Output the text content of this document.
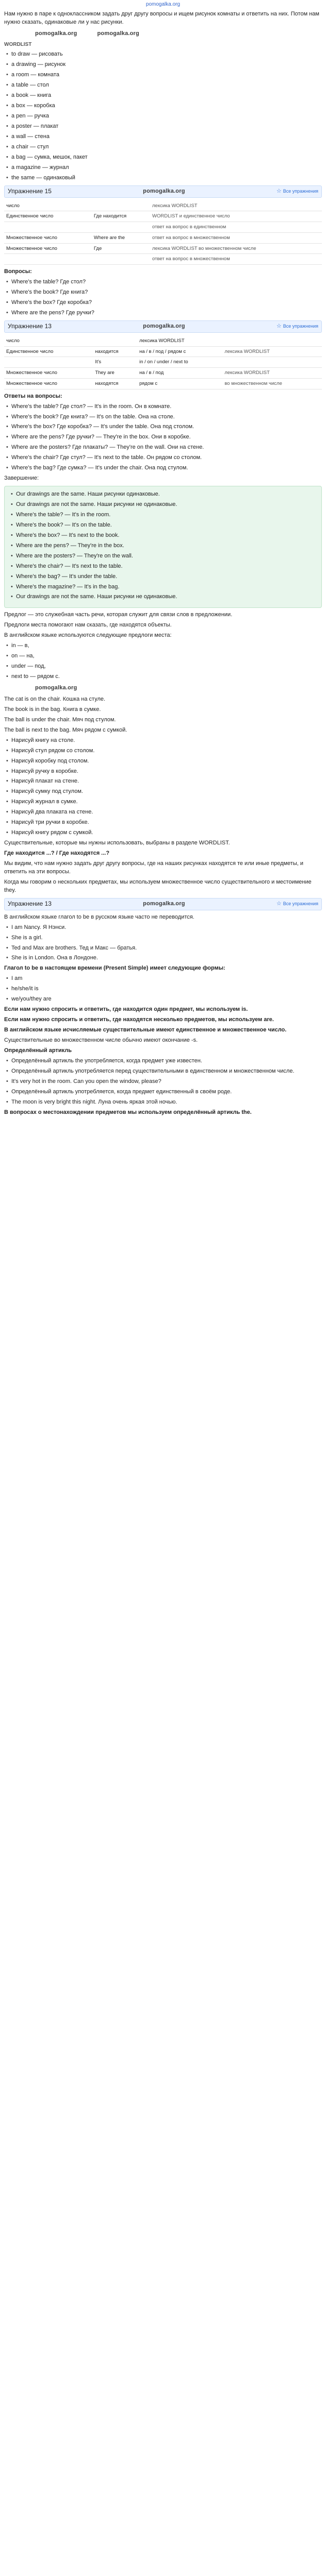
pomogalka.org

Нам нужно в паре к одноклассником задать друг другу вопросы и ищем рисунок комнаты и ответить на них. Потом нам нужно сказать, одинаковые ли у нас рисунки.

pomogalka.org	pomogalka.org

WORDLIST

• to draw — рисовать
• a drawing — рисунок
• a room — комната
• a table — стол
• a book — книга
• a box — коробка
• a pen — ручка
• a poster — плакат
• a wall — стена
• a chair — стул
• a bag — сумка, мешок, пакет
• a magazine — журнал
• the same — одинаковый
Упражнение 15	pomogalka.org	☆ Все упражнения
число		лексика WORDLIST
Единственное число	Где находится	WORDLIST и единственное число
		ответ на вопрос в единственном
Множественное число	Where are the	ответ на вопрос в множественном
Множественное число	Где	лексика WORDLIST во множественном числе
		ответ на вопрос в множественном

Вопросы:

• Where's the table? Где стол?
• Where's the book? Где книга?
• Where's the box? Где коробка?
• Where are the pens? Где ручки?
Упражнение 13	pomogalka.org	☆ Все упражнения
число		лексика WORDLIST	
Единственное число	находится	на / в / под / рядом с	лексика WORDLIST
	It's	in / on / under / next to	
Множественное число	They are	на / в / под	лексика WORDLIST
Множественное число	находятся	рядом с	во множественном числе

Ответы на вопросы:

• Where's the table? Где стол? — It's in the room. Он в комнате.
• Where's the book? Где книга? — It's on the table. Она на столе.
• Where's the box? Где коробка? — It's under the table. Она под столом.
• Where are the pens? Где ручки? — They're in the box. Они в коробке.
• Where are the posters? Где плакаты? — They're on the wall. Они на стене.
• Where's the chair? Где стул? — It's next to the table. Он рядом со столом.
• Where's the bag? Где сумка? — It's under the chair. Она под стулом.

Завершение:

• Our drawings are the same. Наши рисунки одинаковые.
• Our drawings are not the same. Наши рисунки не одинаковые.
• Where's the table? — It's in the room.
• Where's the book? — It's on the table.
• Where's the box? — It's next to the book.
• Where are the pens? — They're in the box.
• Where are the posters? — They're on the wall.
• Where's the chair? — It's next to the table.
• Where's the bag? — It's under the table.
• Where's the magazine? — It's in the bag.
• Our drawings are not the same. Наши рисунки не одинаковые.

Предлог — это служебная часть речи, которая служит для связи слов в предложении.

Предлоги места помогают нам сказать, где находятся объекты.

В английском языке используются следующие предлоги места:

• in — в,
• on — на,
• under — под,
• next to — рядом с.
pomogalka.org

The cat is on the chair. Кошка на стуле.

The book is in the bag. Книга в сумке.

The ball is under the chair. Мяч под стулом.

The ball is next to the bag. Мяч рядом с сумкой.

• Нарисуй книгу на столе.
• Нарисуй стул рядом со столом.
• Нарисуй коробку под столом.
• Нарисуй ручку в коробке.
• Нарисуй плакат на стене.
• Нарисуй сумку под стулом.
• Нарисуй журнал в сумке.
• Нарисуй два плаката на стене.
• Нарисуй три ручки в коробке.
• Нарисуй книгу рядом с сумкой.

Существительные, которые мы нужны использовать, выбраны в разделе WORDLIST.

Где находится ...? / Где находятся ...?

Мы видим, что нам нужно задать друг другу вопросы, где на наших рисунках находятся те или иные предметы, и ответить на эти вопросы.

Когда мы говорим о нескольких предметах, мы используем множественное число существительного и местоимение they.

Упражнение 13	pomogalka.org	☆ Все упражнения

В английском языке глагол to be в русском языке часто не переводится.

• I am Nancy. Я Нэнси.
• She is a girl.
• Ted and Max are brothers. Тед и Макс — братья.
• She is in London. Она в Лондоне.

Глагол to be в настоящем времени (Present Simple) имеет следующие формы:

• I am
• he/she/it is
• we/you/they are

Если нам нужно спросить и ответить, где находится один предмет, мы используем is.

Если нам нужно спросить и ответить, где находятся несколько предметов, мы используем are.

В английском языке исчисляемые существительные имеют единственное и множественное число.

Существительные во множественном числе обычно имеют окончание -s.

Определённый артикль

• Определённый артикль the употребляется, когда предмет уже известен.
• Определённый артикль употребляется перед существительными в единственном и множественном числе.
• It's very hot in the room. Can you open the window, please?
• Определённый артикль употребляется, когда предмет единственный в своём роде.
• The moon is very bright this night. Луна очень яркая этой ночью.

В вопросах о местонахождении предметов мы используем определённый артикль the.
